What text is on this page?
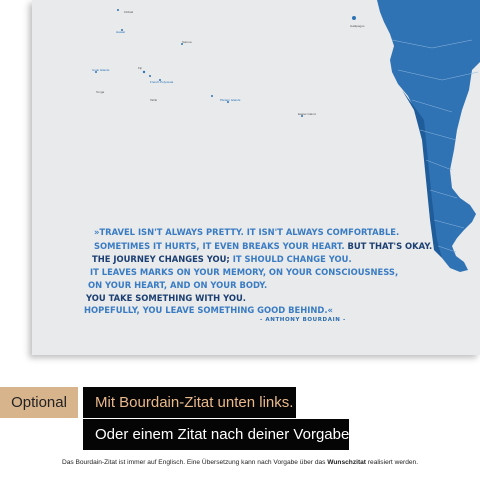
Hawaii
Kiribati
Samoa
Fiji
Tonga
Cook Islands
Tahiti
French Polynesia
Pitcairn Islands
Easter Island
Galápagos
»TRAVEL ISN'T ALWAYS PRETTY. IT ISN'T ALWAYS COMFORTABLE.
SOMETIMES IT HURTS, IT EVEN BREAKS YOUR HEART. BUT THAT'S OKAY.
THE JOURNEY CHANGES YOU; IT SHOULD CHANGE YOU.
IT LEAVES MARKS ON YOUR MEMORY, ON YOUR CONSCIOUSNESS,
ON YOUR HEART, AND ON YOUR BODY.
YOU TAKE SOMETHING WITH YOU.
HOPEFULLY, YOU LEAVE SOMETHING GOOD BEHIND.«
- ANTHONY BOURDAIN -
Optional	Mit Bourdain-Zitat unten links.
Oder einem Zitat nach deiner Vorgabe.
Das Bourdain-Zitat ist immer auf Englisch. Eine Übersetzung kann nach Vorgabe über das Wunschzitat realisiert werden.
